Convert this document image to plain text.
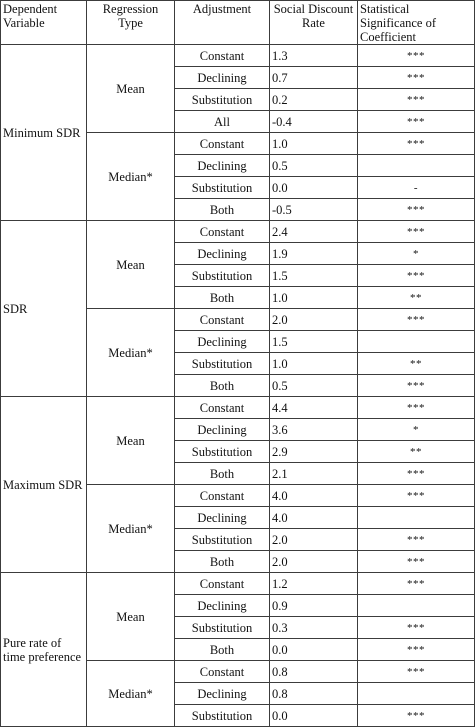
Dependent Variable	Regression Type	Adjustment	Social Discount Rate	Statistical Significance of Coefficient
Minimum SDR	Mean	Constant	1.3	***
		Declining	0.7	***
		Substitution	0.2	***
		All	-0.4	***
	Median*	Constant	1.0	***
		Declining	0.5	
		Substitution	0.0	-
		Both	-0.5	***
SDR	Mean	Constant	2.4	***
		Declining	1.9	*
		Substitution	1.5	***
		Both	1.0	**
	Median*	Constant	2.0	***
		Declining	1.5	
		Substitution	1.0	**
		Both	0.5	***
Maximum SDR	Mean	Constant	4.4	***
		Declining	3.6	*
		Substitution	2.9	**
		Both	2.1	***
	Median*	Constant	4.0	***
		Declining	4.0	
		Substitution	2.0	***
		Both	2.0	***
Pure rate of time preference	Mean	Constant	1.2	***
		Declining	0.9	
		Substitution	0.3	***
		Both	0.0	***
	Median*	Constant	0.8	***
		Declining	0.8	
		Substitution	0.0	***
